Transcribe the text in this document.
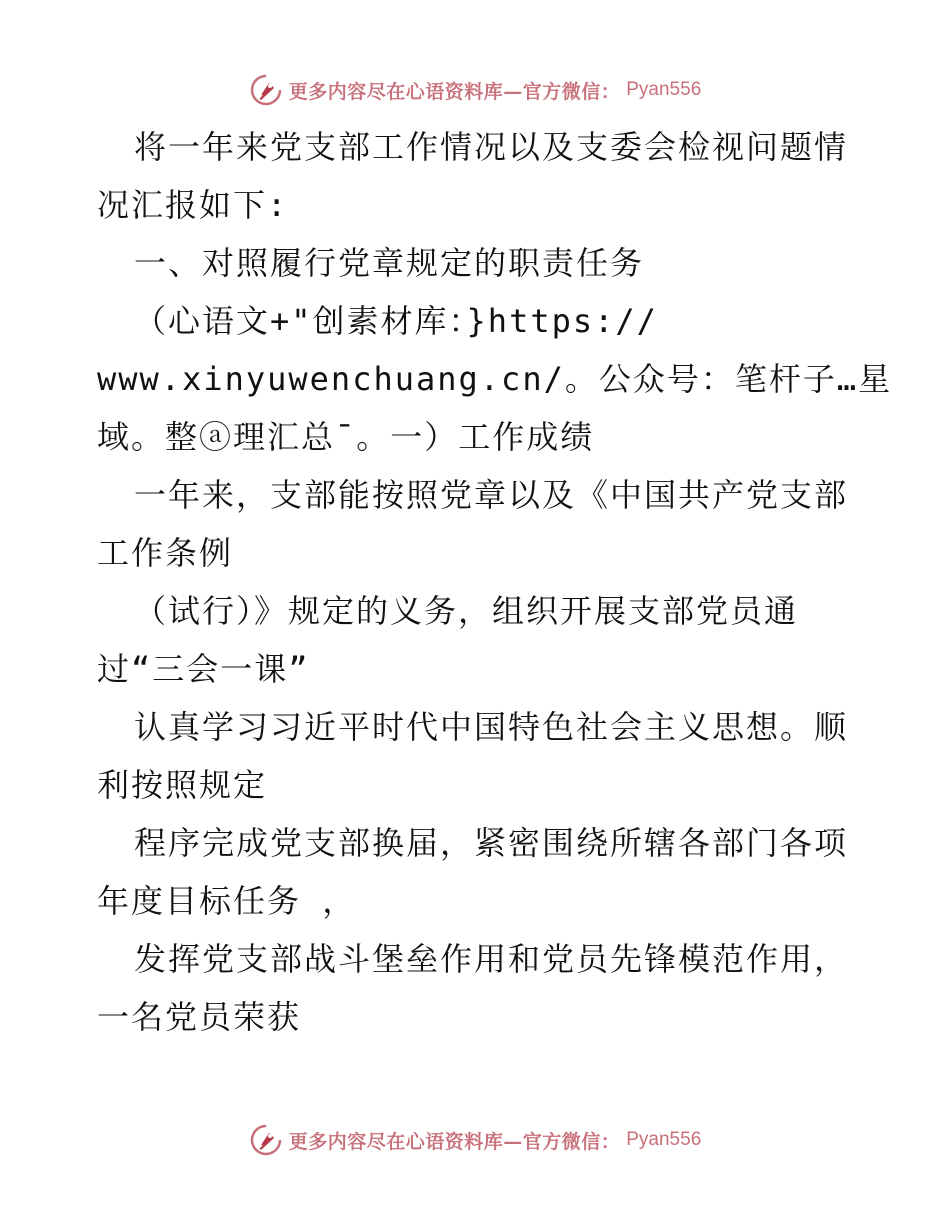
更多内容尽在心语资料库—官方微信： Pyan556
将一年来党支部工作情况以及支委会检视问题情
况汇报如下:
一、对照履行党章规定的职责任务
（心语文+"创素材库：}https://
www.xinyuwenchuang.cn/。公众号：笔杆子…星
域。整ⓐ理汇总¯。一）工作成绩
一年来，支部能按照党章以及《中国共产党支部
工作条例
（试行）》规定的义务，组织开展支部党员通
过“三会一课”
认真学习习近平时代中国特色社会主义思想。顺
利按照规定
程序完成党支部换届，紧密围绕所辖各部门各项
年度目标任务 ，
发挥党支部战斗堡垒作用和党员先锋模范作用，
一名党员荣获
更多内容尽在心语资料库—官方微信： Pyan556
